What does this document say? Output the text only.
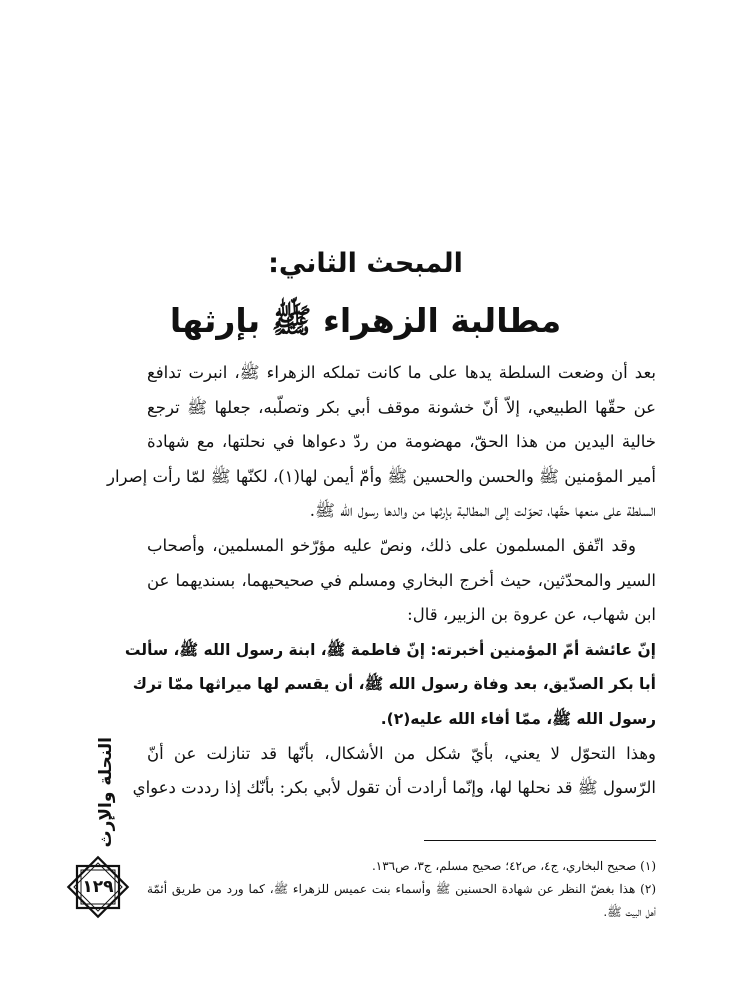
المبحث الثاني:
مطالبة الزهراء ﷺ بإرثها
بعد أن وضعت السلطة يدها على ما كانت تملكه الزهراء ﷺ، انبرت تدافع
عن حقّها الطبيعي، إلاّ أنّ خشونة موقف أبي بكر وتصلّبه، جعلها ﷺ ترجع
خالية اليدين من هذا الحقّ، مهضومة من ردّ دعواها في نحلتها، مع شهادة
أمير المؤمنين ﷺ والحسن والحسين ﷺ وأمّ أيمن لها(١)، لكنّها ﷺ لمّا رأت إصرار
السلطة على منعها حقّها، تحوّلت إلى المطالبة بإرثها من والدها رسول الله ﷺ.
وقد اتّفق المسلمون على ذلك، ونصّ عليه مؤرّخو المسلمين، وأصحاب
السير والمحدّثين، حيث أخرج البخاري ومسلم في صحيحيهما، بسنديهما عن
ابن شهاب، عن عروة بن الزبير، قال:
إنّ عائشة أمّ المؤمنين أخبرته: إنّ فاطمة ﷺ، ابنة رسول الله ﷺ، سألت
أبا بكر الصدّيق، بعد وفاة رسول الله ﷺ، أن يقسم لها ميراثها ممّا ترك
رسول الله ﷺ، ممّا أفاء الله عليه(٢).
وهذا التحوّل لا يعني، بأيّ شكل من الأشكال، بأنّها قد تنازلت عن أنّ
الرّسول ﷺ قد نحلها لها، وإنّما أرادت أن تقول لأبي بكر: بأنّك إذا رددت دعواي
(١) صحيح البخاري، ج٤، ص٤٢؛ صحيح مسلم، ج٣، ص١٣٦.
(٢) هذا بغضّ النظر عن شهادة الحسنين ﷺ وأسماء بنت عميس للزهراء ﷺ، كما ورد من طريق أئمّة
أهل البيت ﷺ.
النحلة والإرث
١٢٩
